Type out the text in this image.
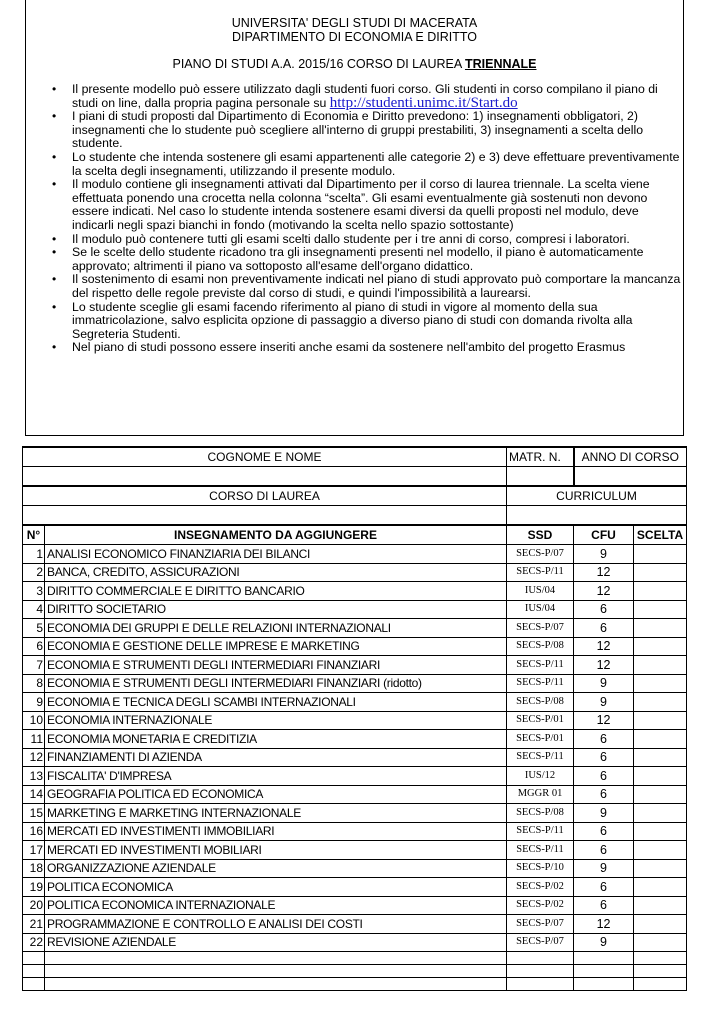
UNIVERSITA' DEGLI STUDI DI MACERATA
DIPARTIMENTO DI ECONOMIA E DIRITTO
PIANO DI STUDI A.A. 2015/16 CORSO DI LAUREA TRIENNALE
• Il presente modello può essere utilizzato dagli studenti fuori corso. Gli studenti in corso compilano il piano di studi on line, dalla propria pagina personale su http://studenti.unimc.it/Start.do
• I piani di studi proposti dal Dipartimento di Economia e Diritto prevedono: 1) insegnamenti obbligatori, 2) insegnamenti che lo studente può scegliere all'interno di gruppi prestabiliti, 3) insegnamenti a scelta dello studente.
• Lo studente che intenda sostenere gli esami appartenenti alle categorie 2) e 3) deve effettuare preventivamente la scelta degli insegnamenti, utilizzando il presente modulo.
• Il modulo contiene gli insegnamenti attivati dal Dipartimento per il corso di laurea triennale. La scelta viene effettuata ponendo una crocetta nella colonna “scelta”. Gli esami eventualmente già sostenuti non devono essere indicati. Nel caso lo studente intenda sostenere esami diversi da quelli proposti nel modulo, deve indicarli negli spazi bianchi in fondo (motivando la scelta nello spazio sottostante)
• Il modulo può contenere tutti gli esami scelti dallo studente per i tre anni di corso, compresi i laboratori.
• Se le scelte dello studente ricadono tra gli insegnamenti presenti nel modello, il piano è automaticamente approvato; altrimenti il piano va sottoposto all'esame dell'organo didattico.
• Il sostenimento di esami non preventivamente indicati nel piano di studi approvato può comportare la mancanza del rispetto delle regole previste dal corso di studi, e quindi l'impossibilità a laurearsi.
• Lo studente sceglie gli esami facendo riferimento al piano di studi in vigore al momento della sua immatricolazione, salvo esplicita opzione di passaggio a diverso piano di studi con domanda rivolta alla Segreteria Studenti.
• Nel piano di studi possono essere inseriti anche esami da sostenere nell'ambito del progetto Erasmus
COGNOME E NOME		MATR. N.	ANNO DI CORSO	

CORSO DI LAUREA		CURRICULUM		

N°	INSEGNAMENTO DA AGGIUNGERE	SSD	CFU	SCELTA
1	ANALISI ECONOMICO FINANZIARIA DEI BILANCI	SECS-P/07	9	
2	BANCA, CREDITO, ASSICURAZIONI	SECS-P/11	12	
3	DIRITTO COMMERCIALE E DIRITTO BANCARIO	IUS/04	12	
4	DIRITTO SOCIETARIO	IUS/04	6	
5	ECONOMIA DEI GRUPPI E DELLE RELAZIONI INTERNAZIONALI	SECS-P/07	6	
6	ECONOMIA E GESTIONE DELLE IMPRESE E MARKETING	SECS-P/08	12	
7	ECONOMIA E STRUMENTI DEGLI INTERMEDIARI FINANZIARI	SECS-P/11	12	
8	ECONOMIA E STRUMENTI DEGLI INTERMEDIARI FINANZIARI (ridotto)	SECS-P/11	9	
9	ECONOMIA E TECNICA DEGLI SCAMBI INTERNAZIONALI	SECS-P/08	9	
10	ECONOMIA INTERNAZIONALE	SECS-P/01	12	
11	ECONOMIA MONETARIA E CREDITIZIA	SECS-P/01	6	
12	FINANZIAMENTI DI AZIENDA	SECS-P/11	6	
13	FISCALITA' D'IMPRESA	IUS/12	6	
14	GEOGRAFIA POLITICA ED ECONOMICA	MGGR 01	6	
15	MARKETING E MARKETING INTERNAZIONALE	SECS-P/08	9	
16	MERCATI ED INVESTIMENTI IMMOBILIARI	SECS-P/11	6	
17	MERCATI ED INVESTIMENTI MOBILIARI	SECS-P/11	6	
18	ORGANIZZAZIONE AZIENDALE	SECS-P/10	9	
19	POLITICA ECONOMICA	SECS-P/02	6	
20	POLITICA ECONOMICA INTERNAZIONALE	SECS-P/02	6	
21	PROGRAMMAZIONE E CONTROLLO E ANALISI DEI COSTI	SECS-P/07	12	
22	REVISIONE AZIENDALE	SECS-P/07	9	
